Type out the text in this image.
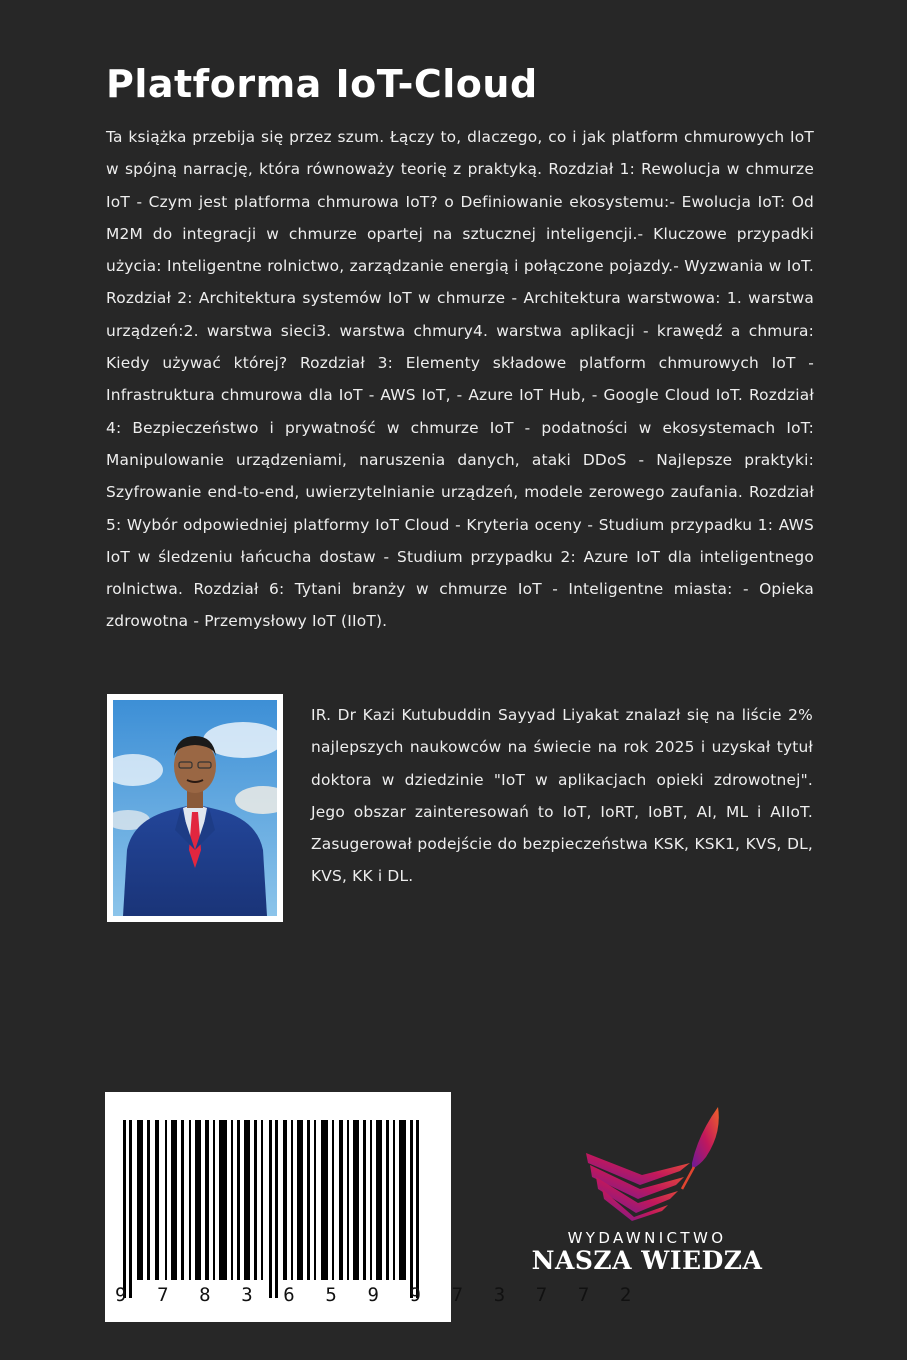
Platforma IoT-Cloud

Ta książka przebija się przez szum. Łączy to, dlaczego, co i jak platform chmurowych IoT w spójną narrację, która równoważy teorię z praktyką. Rozdział 1: Rewolucja w chmurze IoT - Czym jest platforma chmurowa IoT? o Definiowanie ekosystemu:- Ewolucja IoT: Od M2M do integracji w chmurze opartej na sztucznej inteligencji.- Kluczowe przypadki użycia: Inteligentne rolnictwo, zarządzanie energią i połączone pojazdy.- Wyzwania w IoT. Rozdział 2: Architektura systemów IoT w chmurze - Architektura warstwowa: 1. warstwa urządzeń:2. warstwa sieci3. warstwa chmury4. warstwa aplikacji - krawędź a chmura: Kiedy używać której? Rozdział 3: Elementy składowe platform chmurowych IoT - Infrastruktura chmurowa dla IoT - AWS IoT, - Azure IoT Hub, - Google Cloud IoT. Rozdział 4: Bezpieczeństwo i prywatność w chmurze IoT - podatności w ekosystemach IoT: Manipulowanie urządzeniami, naruszenia danych, ataki DDoS - Najlepsze praktyki: Szyfrowanie end-to-end, uwierzytelnianie urządzeń, modele zerowego zaufania. Rozdział 5: Wybór odpowiedniej platformy IoT Cloud - Kryteria oceny - Studium przypadku 1: AWS IoT w śledzeniu łańcucha dostaw - Studium przypadku 2: Azure IoT dla inteligentnego rolnictwa. Rozdział 6: Tytani branży w chmurze IoT - Inteligentne miasta: - Opieka zdrowotna - Przemysłowy IoT (IIoT).

IR. Dr Kazi Kutubuddin Sayyad Liyakat znalazł się na liście 2% najlepszych naukowców na świecie na rok 2025 i uzyskał tytuł doktora w dziedzinie "IoT w aplikacjach opieki zdrowotnej". Jego obszar zainteresowań to IoT, IoRT, IoBT, AI, ML i AIIoT. Zasugerował podejście do bezpieczeństwa KSK, KSK1, KVS, DL, KVS, KK i DL.

9 7 8 3 6 5 9 9 7 3 7 7 2
WYDAWNICTWO
NASZA WIEDZA
